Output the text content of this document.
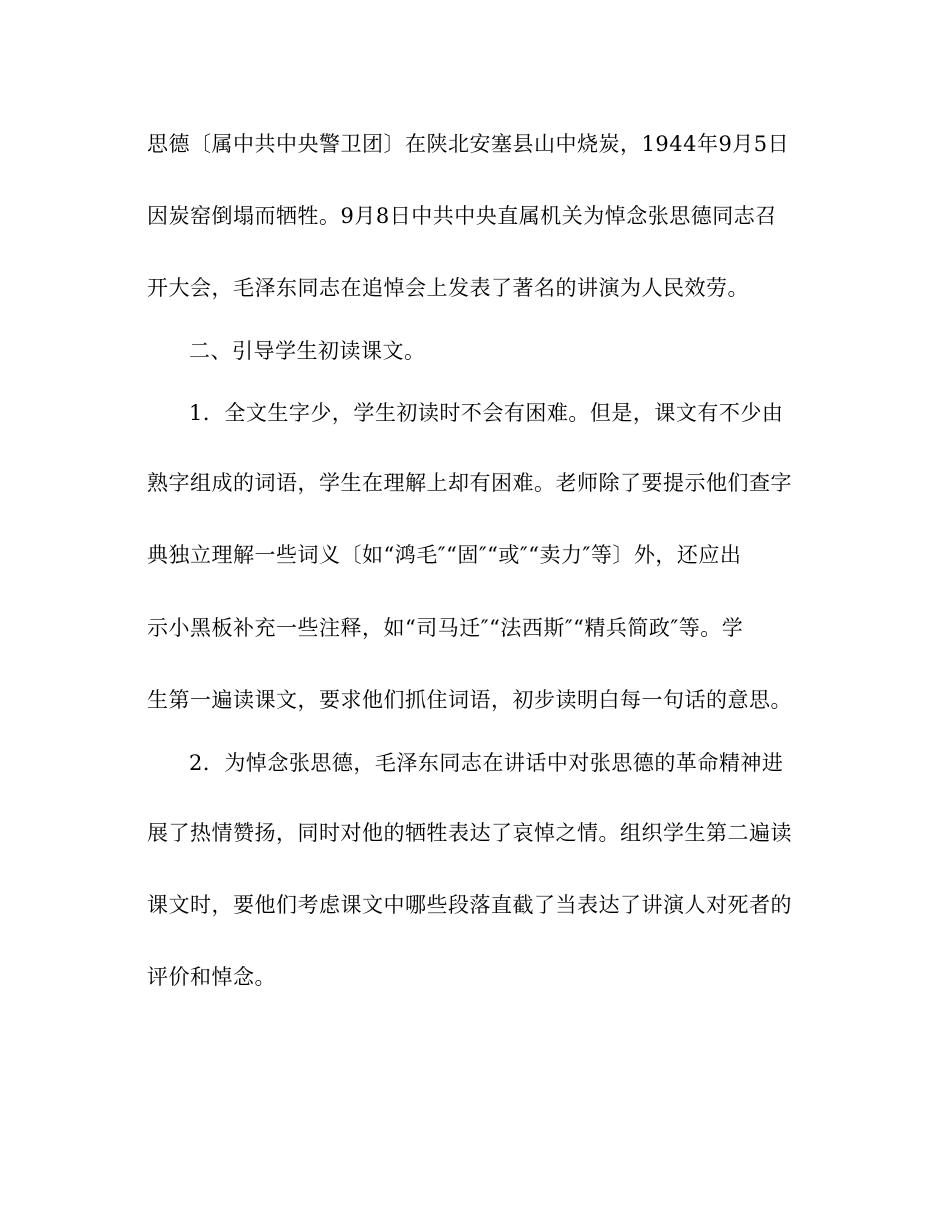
思德〔属中共中央警卫团〕在陕北安塞县山中烧炭，1944年9月5日
因炭窑倒塌而牺牲。9月8日中共中央直属机关为悼念张思德同志召
开大会，毛泽东同志在追悼会上发表了著名的讲演为人民效劳。
二、引导学生初读课文。
1．全文生字少，学生初读时不会有困难。但是，课文有不少由
熟字组成的词语，学生在理解上却有困难。老师除了要提示他们查字
典独立理解一些词义〔如“鸿毛″“固″“或″“卖力″等〕外，还应出
示小黑板补充一些注释，如“司马迁″“法西斯″“精兵简政″等。学
生第一遍读课文，要求他们抓住词语，初步读明白每一句话的意思。
2．为悼念张思德，毛泽东同志在讲话中对张思德的革命精神进
展了热情赞扬，同时对他的牺牲表达了哀悼之情。组织学生第二遍读
课文时，要他们考虑课文中哪些段落直截了当表达了讲演人对死者的
评价和悼念。
